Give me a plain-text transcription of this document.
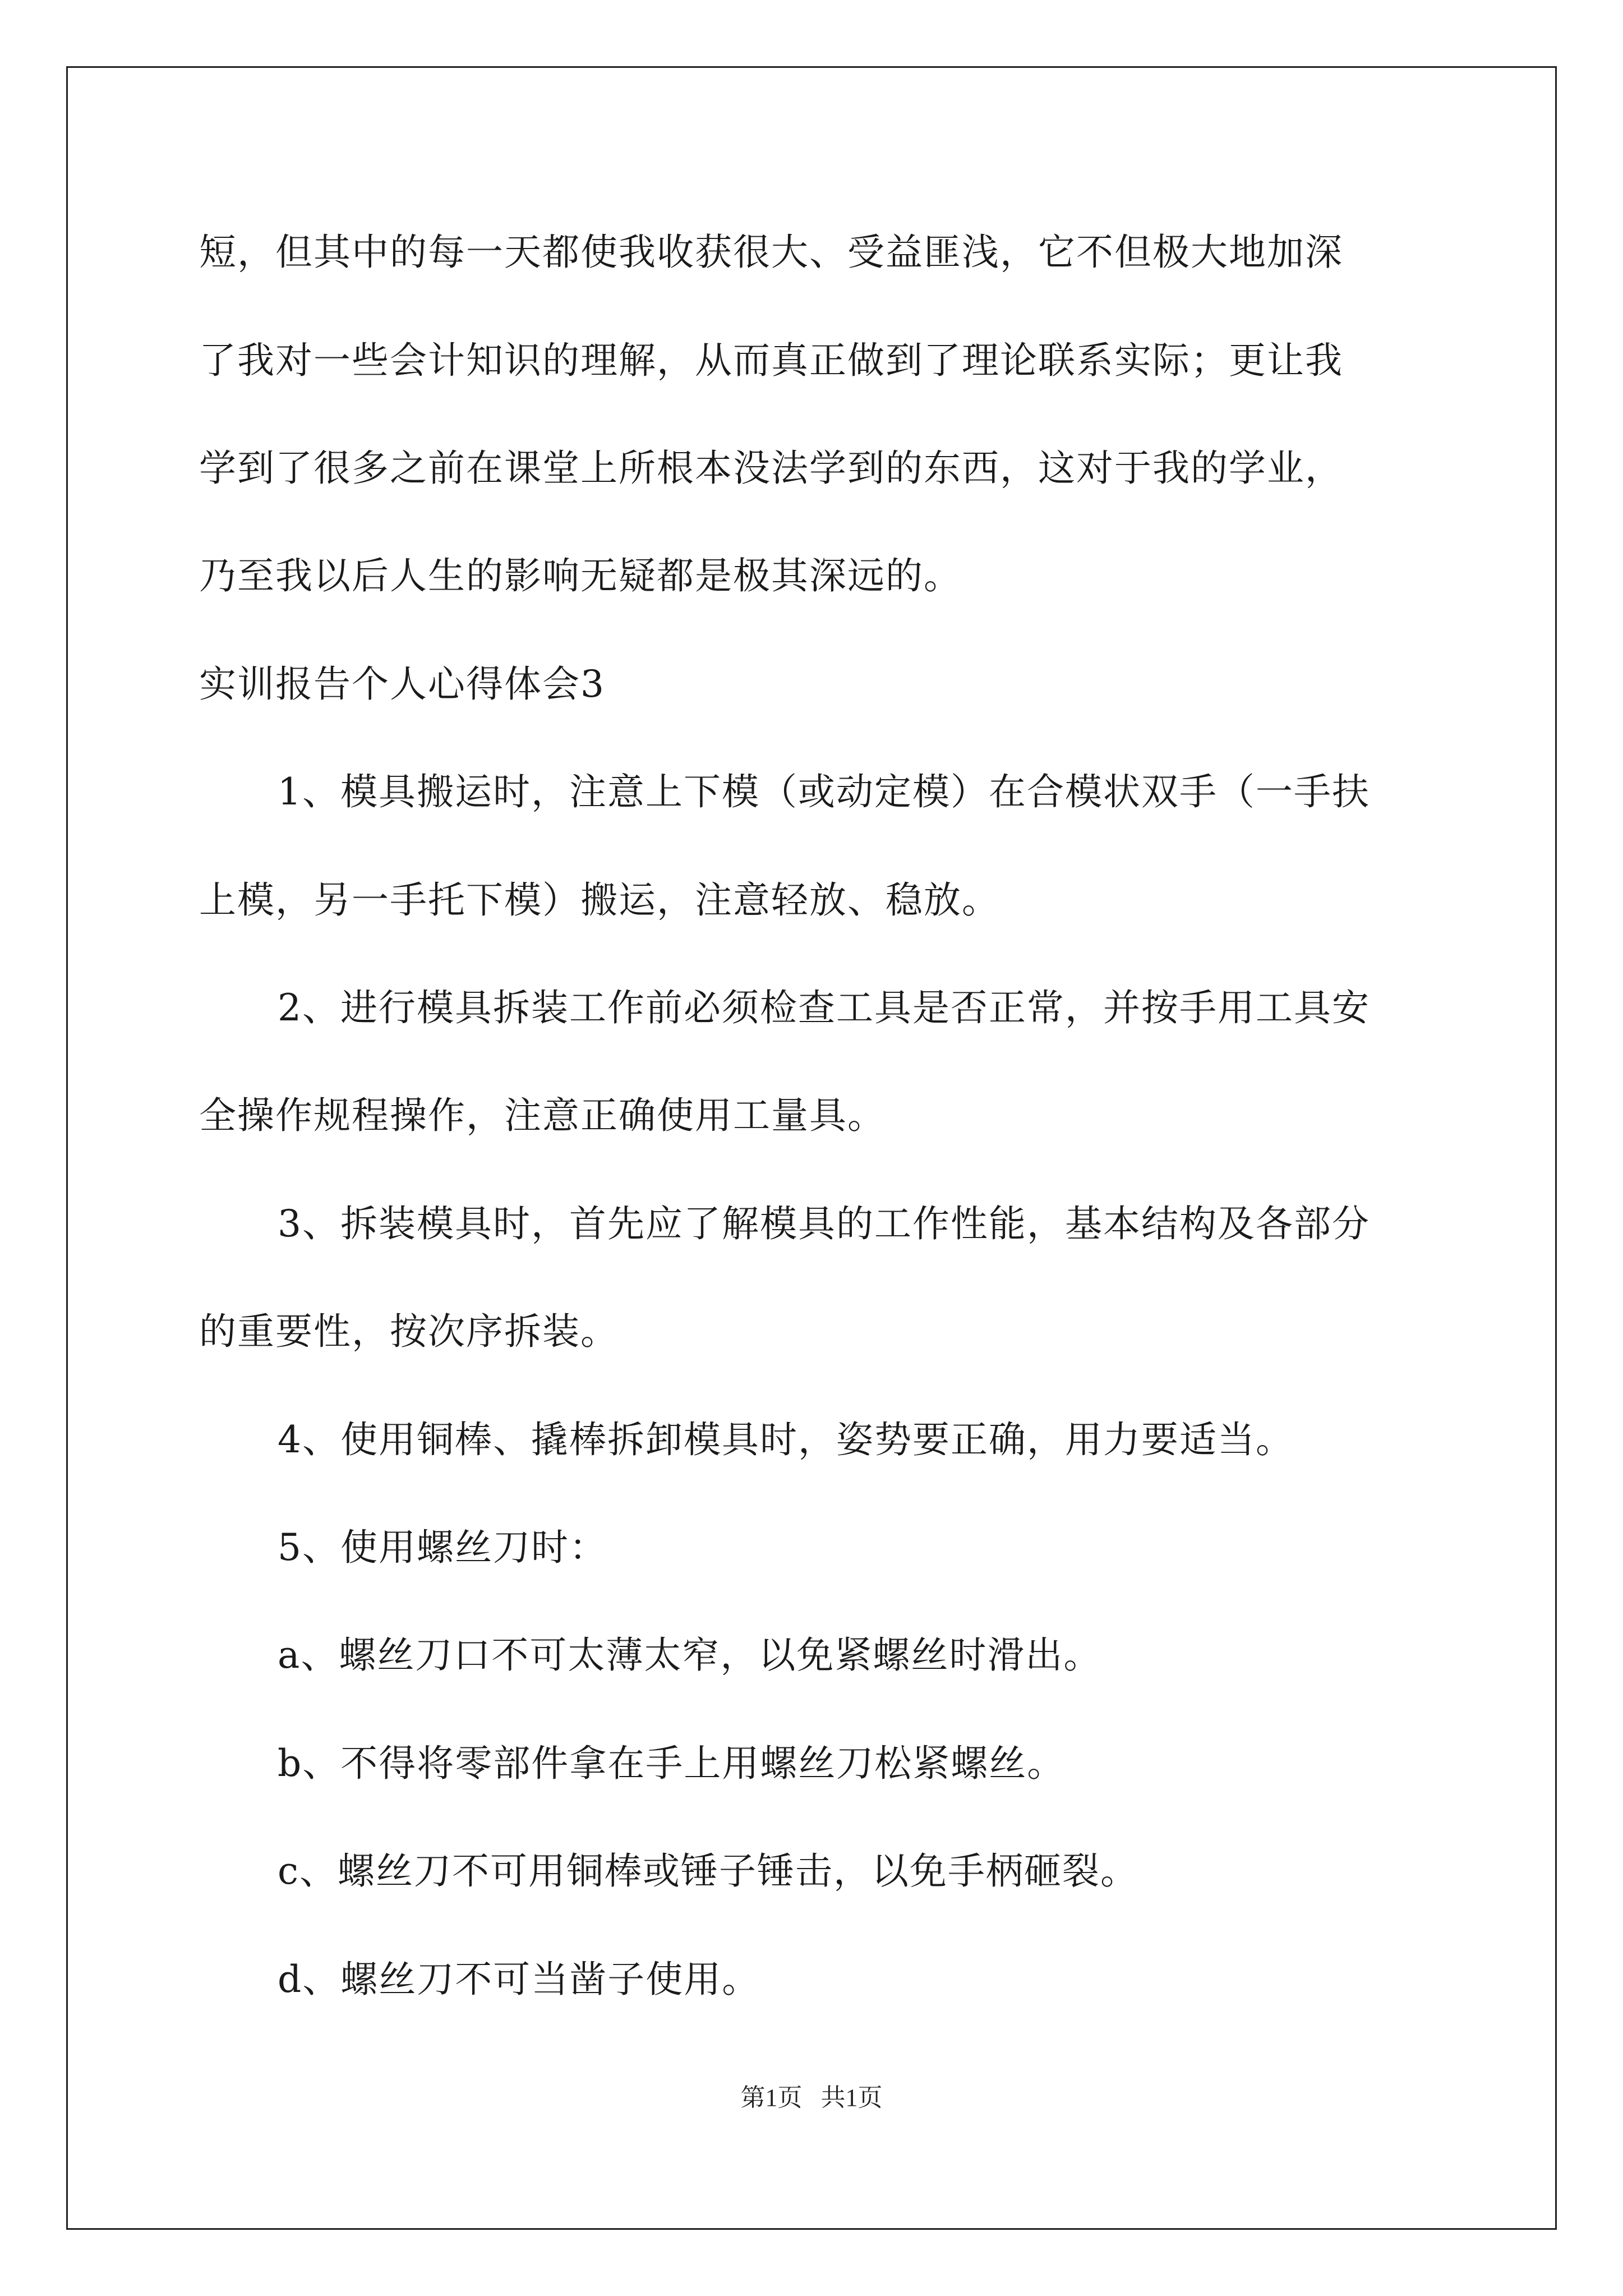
短，但其中的每一天都使我收获很大、受益匪浅，它不但极大地加深
了我对一些会计知识的理解，从而真正做到了理论联系实际；更让我
学到了很多之前在课堂上所根本没法学到的东西，这对于我的学业，
乃至我以后人生的影响无疑都是极其深远的。
实训报告个人心得体会3
1、模具搬运时，注意上下模（或动定模）在合模状双手（一手扶
上模，另一手托下模）搬运，注意轻放、稳放。
2、进行模具拆装工作前必须检查工具是否正常，并按手用工具安
全操作规程操作，注意正确使用工量具。
3、拆装模具时，首先应了解模具的工作性能，基本结构及各部分
的重要性，按次序拆装。
4、使用铜棒、撬棒拆卸模具时，姿势要正确，用力要适当。
5、使用螺丝刀时：
a、螺丝刀口不可太薄太窄，以免紧螺丝时滑出。
b、不得将零部件拿在手上用螺丝刀松紧螺丝。
c、螺丝刀不可用铜棒或锤子锤击，以免手柄砸裂。
d、螺丝刀不可当凿子使用。
第1页   共1页
